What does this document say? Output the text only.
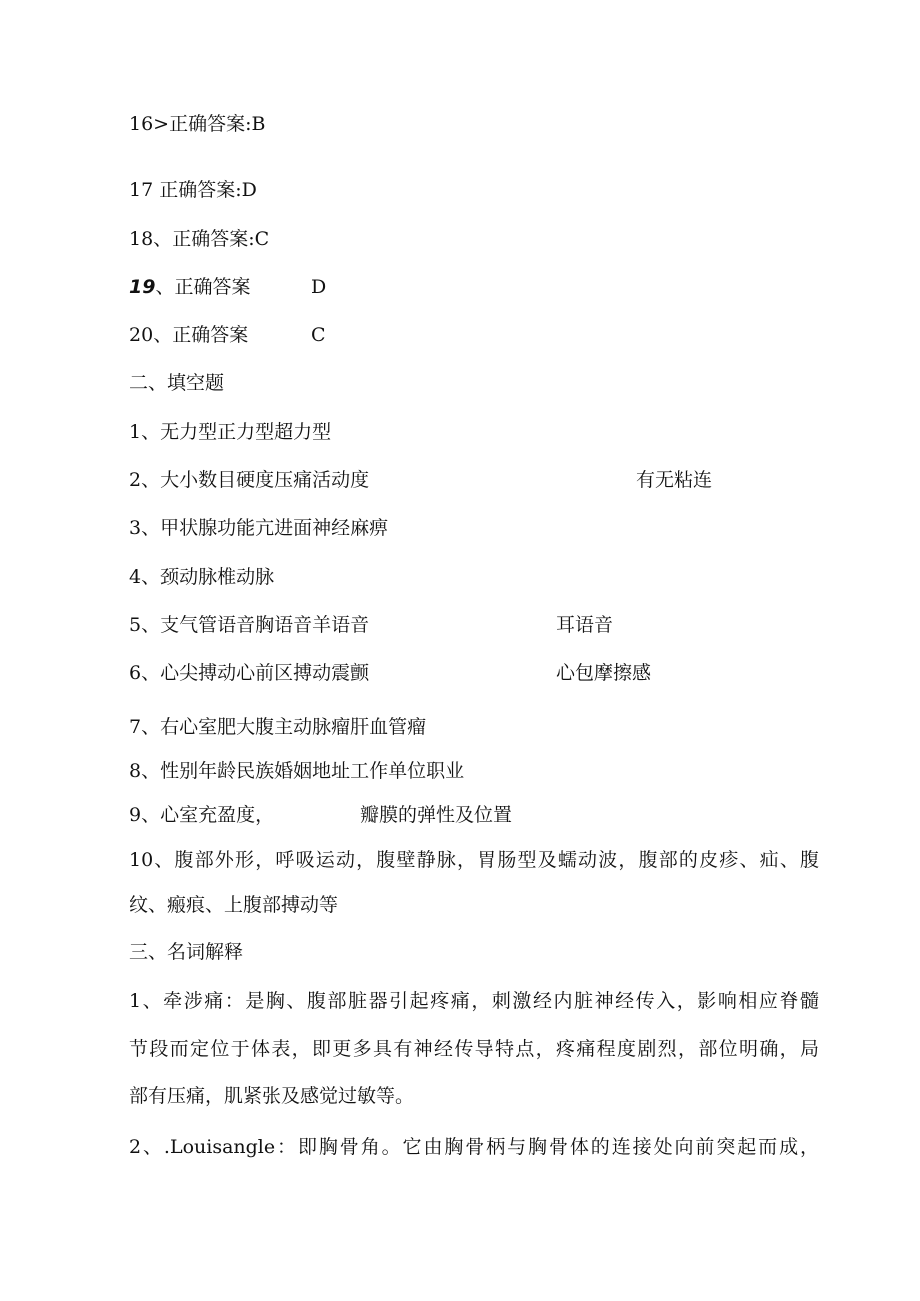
16>正确答案:B
17 正确答案:D
18、正确答案:C
19、正确答案	D
20、正确答案	C
二、填空题
1、无力型正力型超力型
2、大小数目硬度压痛活动度	有无粘连
3、甲状腺功能亢进面神经麻痹
4、颈动脉椎动脉
5、支气管语音胸语音羊语音	耳语音
6、心尖搏动心前区搏动震颤	心包摩擦感
7、右心室肥大腹主动脉瘤肝血管瘤
8、性别年龄民族婚姻地址工作单位职业
9、心室充盈度，	瓣膜的弹性及位置
10、腹部外形，呼吸运动，腹壁静脉，胃肠型及蠕动波，腹部的皮疹、疝、腹
纹、瘢痕、上腹部搏动等
三、名词解释
1、牵涉痛：是胸、腹部脏器引起疼痛，刺激经内脏神经传入，影响相应脊髓
节段而定位于体表，即更多具有神经传导特点，疼痛程度剧烈，部位明确，局
部有压痛，肌紧张及感觉过敏等。
2、.Louisangle：即胸骨角。它由胸骨柄与胸骨体的连接处向前突起而成，
